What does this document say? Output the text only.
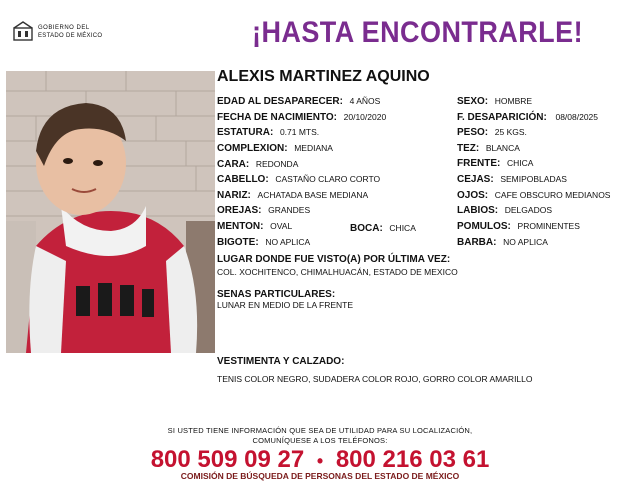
GOBIERNO DEL
ESTADO DE MÉXICO	¡HASTA ENCONTRARLE!
ALEXIS MARTINEZ AQUINO
EDAD AL DESAPARECER: 4 AÑOS
FECHA DE NACIMIENTO: 20/10/2020
ESTATURA: 0.71 MTS.
COMPLEXION: MEDIANA
CARA: REDONDA
CABELLO: CASTAÑO CLARO CORTO
NARIZ: ACHATADA BASE MEDIANA
OREJAS: GRANDES
MENTON: OVAL	BOCA: CHICA
BIGOTE: NO APLICA
SEXO: HOMBRE
F. DESAPARICIÓN: 08/08/2025
PESO: 25 KGS.
TEZ: BLANCA
FRENTE: CHICA
CEJAS: SEMIPOBLADAS
OJOS: CAFE OBSCURO MEDIANOS
LABIOS: DELGADOS
POMULOS: PROMINENTES
BARBA: NO APLICA
LUGAR DONDE FUE VISTO(A) POR ÚLTIMA VEZ:
COL. XOCHITENCO, CHIMALHUACÁN, ESTADO DE MEXICO
SENAS PARTICULARES:
LUNAR EN MEDIO DE LA FRENTE
VESTIMENTA Y CALZADO:
TENIS COLOR NEGRO, SUDADERA COLOR ROJO, GORRO COLOR AMARILLO
SI USTED TIENE INFORMACIÓN QUE SEA DE UTILIDAD PARA SU LOCALIZACIÓN,
COMUNÍQUESE A LOS TELÉFONOS:
800 509 09 27 • 800 216 03 61
COMISIÓN DE BÚSQUEDA DE PERSONAS DEL ESTADO DE MÉXICO
